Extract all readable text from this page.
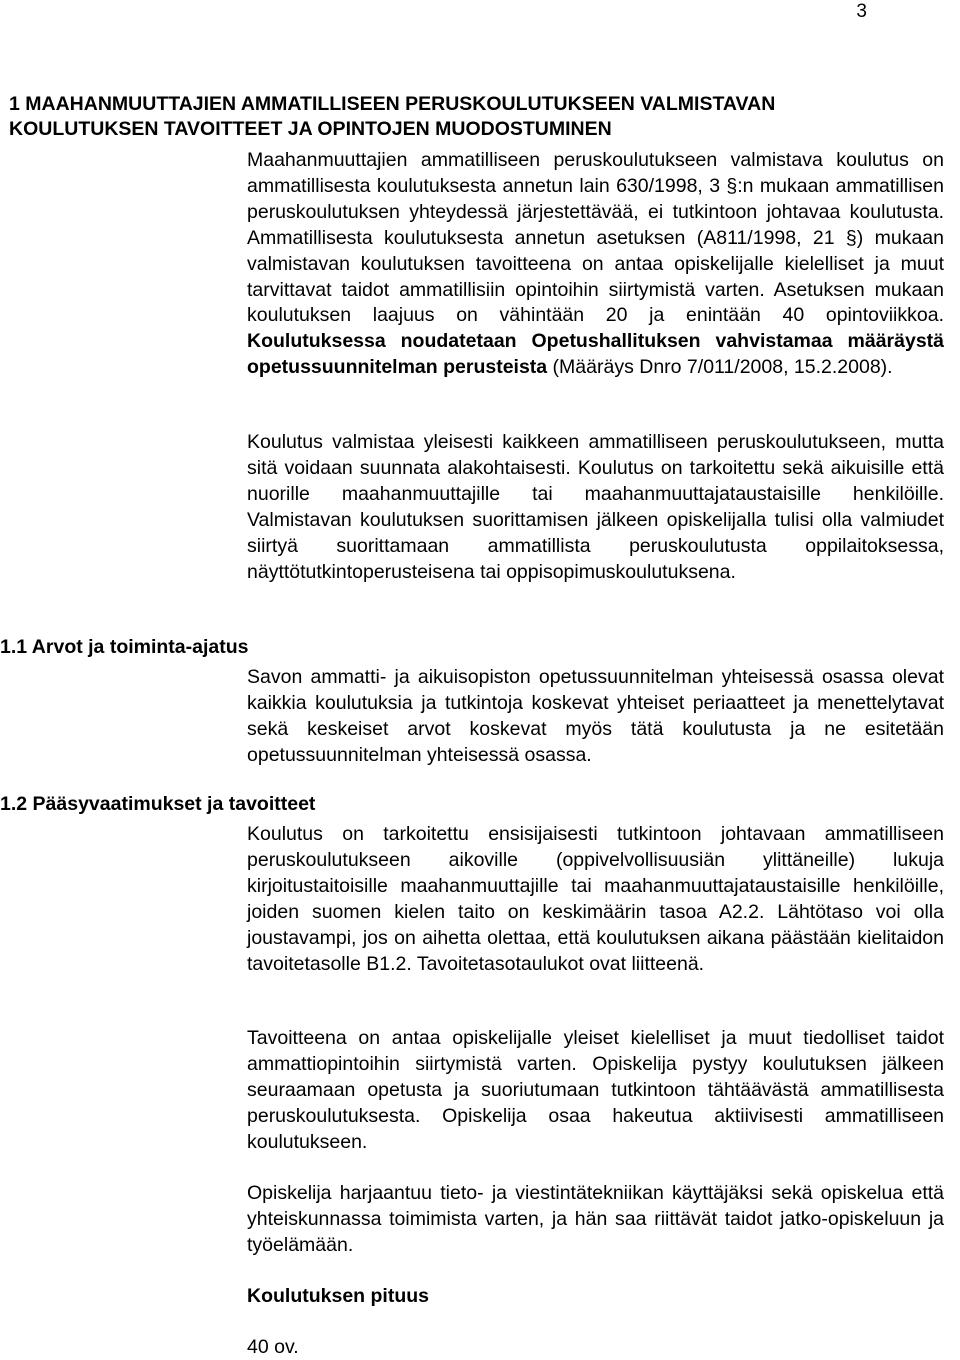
3
1 MAAHANMUUTTAJIEN AMMATILLISEEN PERUSKOULUTUKSEEN VALMISTAVAN
KOULUTUKSEN TAVOITTEET JA OPINTOJEN MUODOSTUMINEN
Maahanmuuttajien ammatilliseen peruskoulutukseen valmistava koulutus on ammatillisesta koulutuksesta annetun lain 630/1998, 3 §:n mukaan ammatillisen peruskoulutuksen yhteydessä järjestettävää, ei tutkintoon johtavaa koulutusta. Ammatillisesta koulutuksesta annetun asetuksen (A811/1998, 21 §) mukaan valmistavan koulutuksen tavoitteena on antaa opiskelijalle kielelliset ja muut tarvittavat taidot ammatillisiin opintoihin siirtymistä varten. Asetuksen mukaan koulutuksen laajuus on vähintään 20 ja enintään 40 opintoviikkoa. Koulutuksessa noudatetaan Opetushallituksen vahvistamaa määräystä opetussuunnitelman perusteista (Määräys Dnro 7/011/2008, 15.2.2008).
Koulutus valmistaa yleisesti kaikkeen ammatilliseen peruskoulutukseen, mutta sitä voidaan suunnata alakohtaisesti. Koulutus on tarkoitettu sekä aikuisille että nuorille maahanmuuttajille tai maahanmuuttajataustaisille henkilöille. Valmistavan koulutuksen suorittamisen jälkeen opiskelijalla tulisi olla valmiudet siirtyä suorittamaan ammatillista peruskoulutusta oppilaitoksessa, näyttötutkintoperusteisena tai oppisopimuskoulutuksena.
1.1 Arvot ja toiminta-ajatus
Savon ammatti- ja aikuisopiston opetussuunnitelman yhteisessä osassa olevat kaikkia koulutuksia ja tutkintoja koskevat yhteiset periaatteet ja menettelytavat sekä keskeiset arvot koskevat myös tätä koulutusta ja ne esitetään opetussuunnitelman yhteisessä osassa.
1.2 Pääsyvaatimukset ja tavoitteet
Koulutus on tarkoitettu ensisijaisesti tutkintoon johtavaan ammatilliseen peruskoulutukseen aikoville (oppivelvollisuusiän ylittäneille) lukuja kirjoitustaitoisille maahanmuuttajille tai maahanmuuttajataustaisille henkilöille, joiden suomen kielen taito on keskimäärin tasoa A2.2. Lähtötaso voi olla joustavampi, jos on aihetta olettaa, että koulutuksen aikana päästään kielitaidon tavoitetasolle B1.2. Tavoitetasotaulukot ovat liitteenä.
Tavoitteena on antaa opiskelijalle yleiset kielelliset ja muut tiedolliset taidot ammattiopintoihin siirtymistä varten. Opiskelija pystyy koulutuksen jälkeen seuraamaan opetusta ja suoriutumaan tutkintoon tähtäävästä ammatillisesta peruskoulutuksesta. Opiskelija osaa hakeutua aktiivisesti ammatilliseen koulutukseen.
Opiskelija harjaantuu tieto- ja viestintätekniikan käyttäjäksi sekä opiskelua että yhteiskunnassa toimimista varten, ja hän saa riittävät taidot jatko-opiskeluun ja työelämään.
Koulutuksen pituus
40 ov.
